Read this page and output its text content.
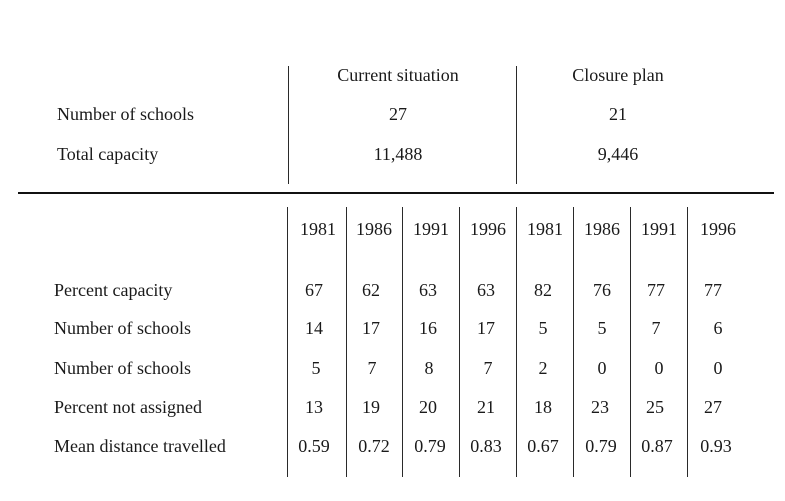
Current situation	Closure plan
Number of schools	27	21
Total capacity	11,488	9,446
1981 1986 1991 1996 1981 1986 1991 1996
Percent capacity	67 62 63 63 82 76 77 77
Number of schools	14 17 16 17 5	5	7	6
Number of schools	5	7	8	7	2	0	0	0
Percent not assigned	13 19 20 21 18 23 25 27
Mean distance travelled	0.59 0.72 0.79 0.83 0.67 0.79 0.87 0.93
